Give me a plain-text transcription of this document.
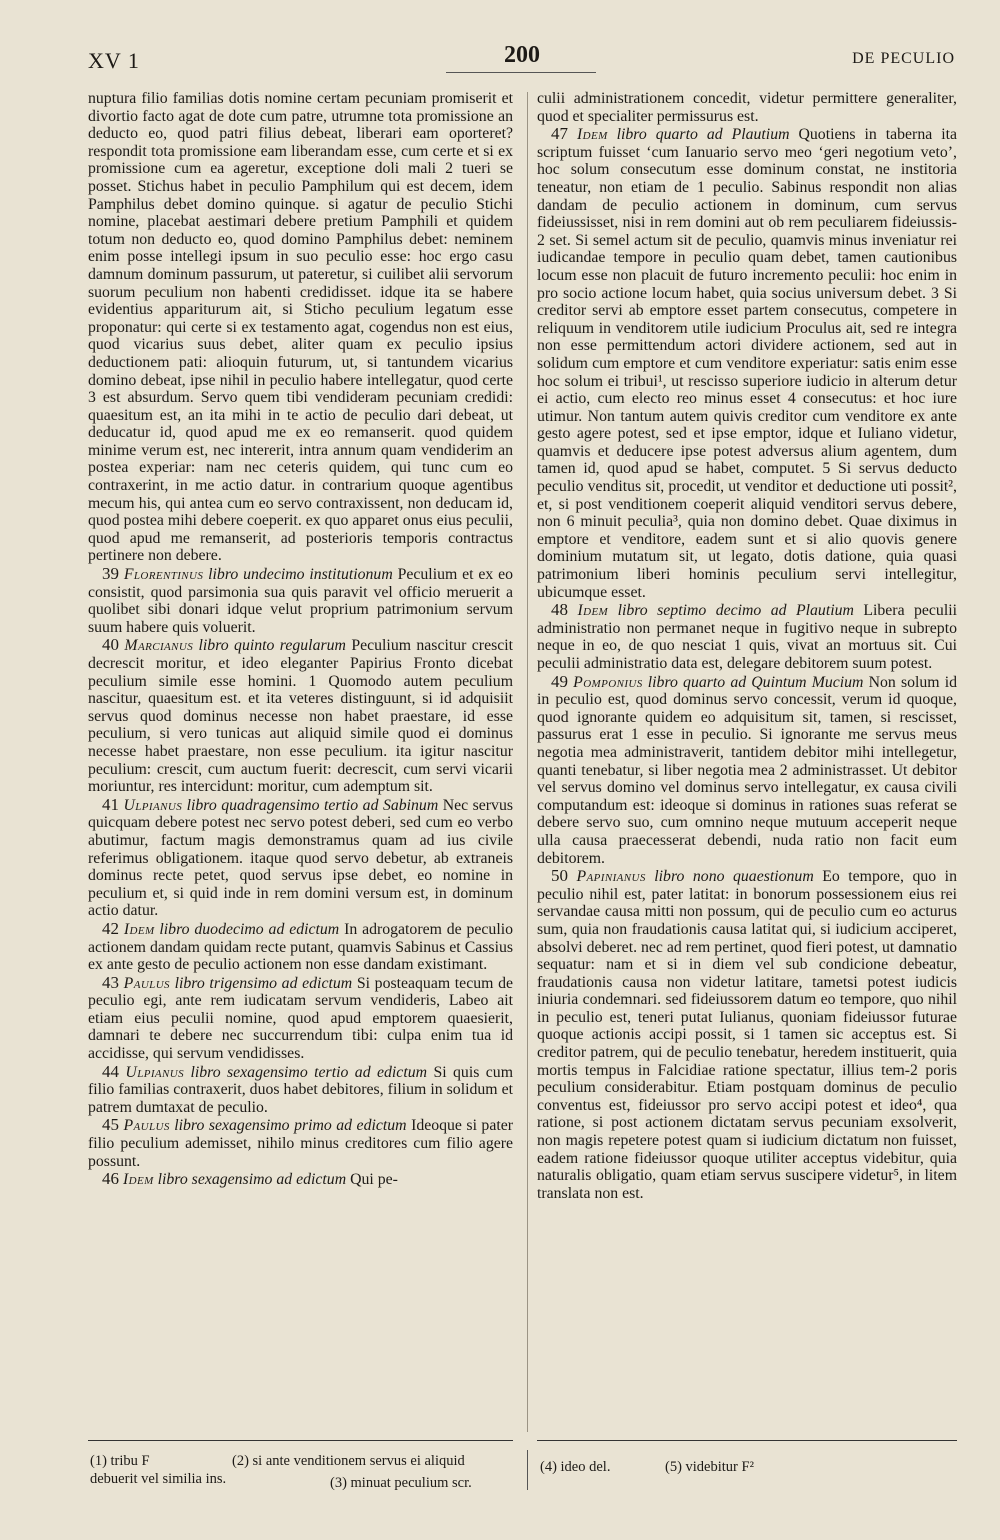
XV 1	200	DE PECULIO

nuptura filio familias dotis nomine certam pecuniam promiserit et divortio facto agat de dote cum patre, utrumne tota promissione an deducto eo, quod patri filius debeat, liberari eam oporteret? respondit tota promissione eam liberandam esse, cum certe et si ex promissione cum ea ageretur, exceptione doli mali 2 tueri se posset. Stichus habet in peculio Pamphilum qui est decem, idem Pamphilus debet domino quinque. si agatur de peculio Stichi nomine, placebat aestimari debere pretium Pamphili et quidem totum non deducto eo, quod domino Pamphilus debet: neminem enim posse intellegi ipsum in suo peculio esse: hoc ergo casu damnum dominum passurum, ut pateretur, si cuilibet alii servorum suorum peculium non habenti credidisset. idque ita se habere evidentius appariturum ait, si Sticho peculium legatum esse proponatur: qui certe si ex testamento agat, cogendus non est eius, quod vicarius suus debet, aliter quam ex peculio ipsius deductionem pati: alioquin futurum, ut, si tantundem vicarius domino debeat, ipse nihil in peculio habere intellegatur, quod certe 3 est absurdum. Servo quem tibi vendideram pecuniam credidi: quaesitum est, an ita mihi in te actio de peculio dari debeat, ut deducatur id, quod apud me ex eo remanserit. quod quidem minime verum est, nec intererit, intra annum quam vendiderim an postea experiar: nam nec ceteris quidem, qui tunc cum eo contraxerint, in me actio datur. in contrarium quoque agentibus mecum his, qui antea cum eo servo contraxissent, non deducam id, quod postea mihi debere coeperit. ex quo apparet onus eius peculii, quod apud me remanserit, ad posterioris temporis contractus pertinere non debere.

39 Florentinus libro undecimo institutionum Peculium et ex eo consistit, quod parsimonia sua quis paravit vel officio meruerit a quolibet sibi donari idque velut proprium patrimonium servum suum habere quis voluerit.

40 Marcianus libro quinto regularum Peculium nascitur crescit decrescit moritur, et ideo eleganter Papirius Fronto dicebat peculium simile esse homini. 1 Quomodo autem peculium nascitur, quaesitum est. et ita veteres distinguunt, si id adquisiit servus quod dominus necesse non habet praestare, id esse peculium, si vero tunicas aut aliquid simile quod ei dominus necesse habet praestare, non esse peculium. ita igitur nascitur peculium: crescit, cum auctum fuerit: decrescit, cum servi vicarii moriuntur, res intercidunt: moritur, cum ademptum sit.

41 Ulpianus libro quadragensimo tertio ad Sabinum Nec servus quicquam debere potest nec servo potest deberi, sed cum eo verbo abutimur, factum magis demonstramus quam ad ius civile referimus obligationem. itaque quod servo debetur, ab extraneis dominus recte petet, quod servus ipse debet, eo nomine in peculium et, si quid inde in rem domini versum est, in dominum actio datur.

42 Idem libro duodecimo ad edictum In adrogatorem de peculio actionem dandam quidam recte putant, quamvis Sabinus et Cassius ex ante gesto de peculio actionem non esse dandam existimant.

43 Paulus libro trigensimo ad edictum Si posteaquam tecum de peculio egi, ante rem iudicatam servum vendideris, Labeo ait etiam eius peculii nomine, quod apud emptorem quaesierit, damnari te debere nec succurrendum tibi: culpa enim tua id accidisse, qui servum vendidisses.

44 Ulpianus libro sexagensimo tertio ad edictum Si quis cum filio familias contraxerit, duos habet debitores, filium in solidum et patrem dumtaxat de peculio.

45 Paulus libro sexagensimo primo ad edictum Ideoque si pater filio peculium ademisset, nihilo minus creditores cum filio agere possunt.

46 Idem libro sexagensimo ad edictum Qui pe-

culii administrationem concedit, videtur permittere generaliter, quod et specialiter permissurus est.

47 Idem libro quarto ad Plautium Quotiens in taberna ita scriptum fuisset ‘cum Ianuario servo meo ‘geri negotium veto’, hoc solum consecutum esse dominum constat, ne institoria teneatur, non etiam de 1 peculio. Sabinus respondit non alias dandam de peculio actionem in dominum, cum servus fideiussisset, nisi in rem domini aut ob rem peculiarem fideiussis-2 set. Si semel actum sit de peculio, quamvis minus inveniatur rei iudicandae tempore in peculio quam debet, tamen cautionibus locum esse non placuit de futuro incremento peculii: hoc enim in pro socio actione locum habet, quia socius universum debet. 3 Si creditor servi ab emptore esset partem consecutus, competere in reliquum in venditorem utile iudicium Proculus ait, sed re integra non esse permittendum actori dividere actionem, sed aut in solidum cum emptore et cum venditore experiatur: satis enim esse hoc solum ei tribui¹, ut rescisso superiore iudicio in alterum detur ei actio, cum electo reo minus esset 4 consecutus: et hoc iure utimur. Non tantum autem quivis creditor cum venditore ex ante gesto agere potest, sed et ipse emptor, idque et Iuliano videtur, quamvis et deducere ipse potest adversus alium agentem, dum tamen id, quod apud se habet, computet. 5 Si servus deducto peculio venditus sit, procedit, ut venditor et deductione uti possit², et, si post venditionem coeperit aliquid venditori servus debere, non 6 minuit peculia³, quia non domino debet. Quae diximus in emptore et venditore, eadem sunt et si alio quovis genere dominium mutatum sit, ut legato, dotis datione, quia quasi patrimonium liberi hominis peculium servi intellegitur, ubicumque esset.

48 Idem libro septimo decimo ad Plautium Libera peculii administratio non permanet neque in fugitivo neque in subrepto neque in eo, de quo nesciat 1 quis, vivat an mortuus sit. Cui peculii administratio data est, delegare debitorem suum potest.

49 Pomponius libro quarto ad Quintum Mucium Non solum id in peculio est, quod dominus servo concessit, verum id quoque, quod ignorante quidem eo adquisitum sit, tamen, si rescisset, passurus erat 1 esse in peculio. Si ignorante me servus meus negotia mea administraverit, tantidem debitor mihi intellegetur, quanti tenebatur, si liber negotia mea 2 administrasset. Ut debitor vel servus domino vel dominus servo intellegatur, ex causa civili computandum est: ideoque si dominus in rationes suas referat se debere servo suo, cum omnino neque mutuum acceperit neque ulla causa praecesserat debendi, nuda ratio non facit eum debitorem.

50 Papinianus libro nono quaestionum Eo tempore, quo in peculio nihil est, pater latitat: in bonorum possessionem eius rei servandae causa mitti non possum, qui de peculio cum eo acturus sum, quia non fraudationis causa latitat qui, si iudicium acciperet, absolvi deberet. nec ad rem pertinet, quod fieri potest, ut damnatio sequatur: nam et si in diem vel sub condicione debeatur, fraudationis causa non videtur latitare, tametsi potest iudicis iniuria condemnari. sed fideiussorem datum eo tempore, quo nihil in peculio est, teneri putat Iulianus, quoniam fideiussor futurae quoque actionis accipi possit, si 1 tamen sic acceptus est. Si creditor patrem, qui de peculio tenebatur, heredem instituerit, quia mortis tempus in Falcidiae ratione spectatur, illius tem-2 poris peculium considerabitur. Etiam postquam dominus de peculio conventus est, fideiussor pro servo accipi potest et ideo⁴, qua ratione, si post actionem dictatam servus pecuniam exsolverit, non magis repetere potest quam si iudicium dictatum non fuisset, eadem ratione fideiussor quoque utiliter acceptus videbitur, quia naturalis obligatio, quam etiam servus suscipere videtur⁵, in litem translata non est.

(1) tribu F	(2) si ante venditionem servus ei aliquid
debuerit vel similia ins.	(3) minuat peculium scr.
(4) ideo del.	(5) videbitur F²
